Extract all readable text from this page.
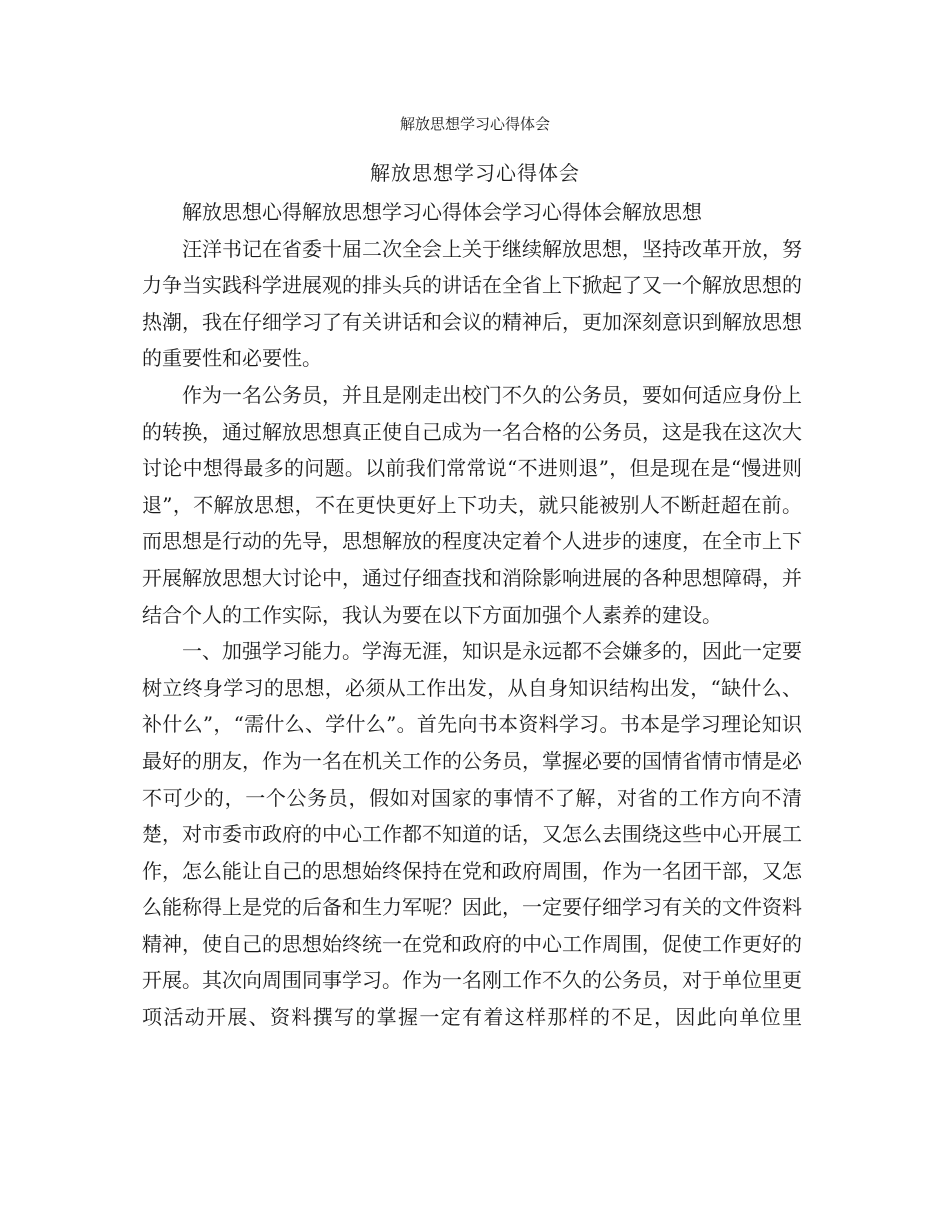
解放思想学习心得体会
解放思想学习心得体会

解放思想心得解放思想学习心得体会学习心得体会解放思想

汪洋书记在省委十届二次全会上关于继续解放思想，坚持改革开放，努力争当实践科学进展观的排头兵的讲话在全省上下掀起了又一个解放思想的热潮，我在仔细学习了有关讲话和会议的精神后，更加深刻意识到解放思想的重要性和必要性。

作为一名公务员，并且是刚走出校门不久的公务员，要如何适应身份上的转换，通过解放思想真正使自己成为一名合格的公务员，这是我在这次大讨论中想得最多的问题。以前我们常常说“不进则退”，但是现在是“慢进则退”，不解放思想，不在更快更好上下功夫，就只能被别人不断赶超在前。而思想是行动的先导，思想解放的程度决定着个人进步的速度，在全市上下开展解放思想大讨论中，通过仔细查找和消除影响进展的各种思想障碍，并结合个人的工作实际，我认为要在以下方面加强个人素养的建设。

一、加强学习能力。学海无涯，知识是永远都不会嫌多的，因此一定要树立终身学习的思想，必须从工作出发，从自身知识结构出发，“缺什么、补什么”，“需什么、学什么”。首先向书本资料学习。书本是学习理论知识最好的朋友，作为一名在机关工作的公务员，掌握必要的国情省情市情是必不可少的，一个公务员，假如对国家的事情不了解，对省的工作方向不清楚，对市委市政府的中心工作都不知道的话，又怎么去围绕这些中心开展工作，怎么能让自己的思想始终保持在党和政府周围，作为一名团干部，又怎么能称得上是党的后备和生力军呢？因此，一定要仔细学习有关的文件资料精神，使自己的思想始终统一在党和政府的中心工作周围，促使工作更好的开展。其次向周围同事学习。作为一名刚工作不久的公务员，对于单位里更项活动开展、资料撰写的掌握一定有着这样那样的不足，因此向单位里
